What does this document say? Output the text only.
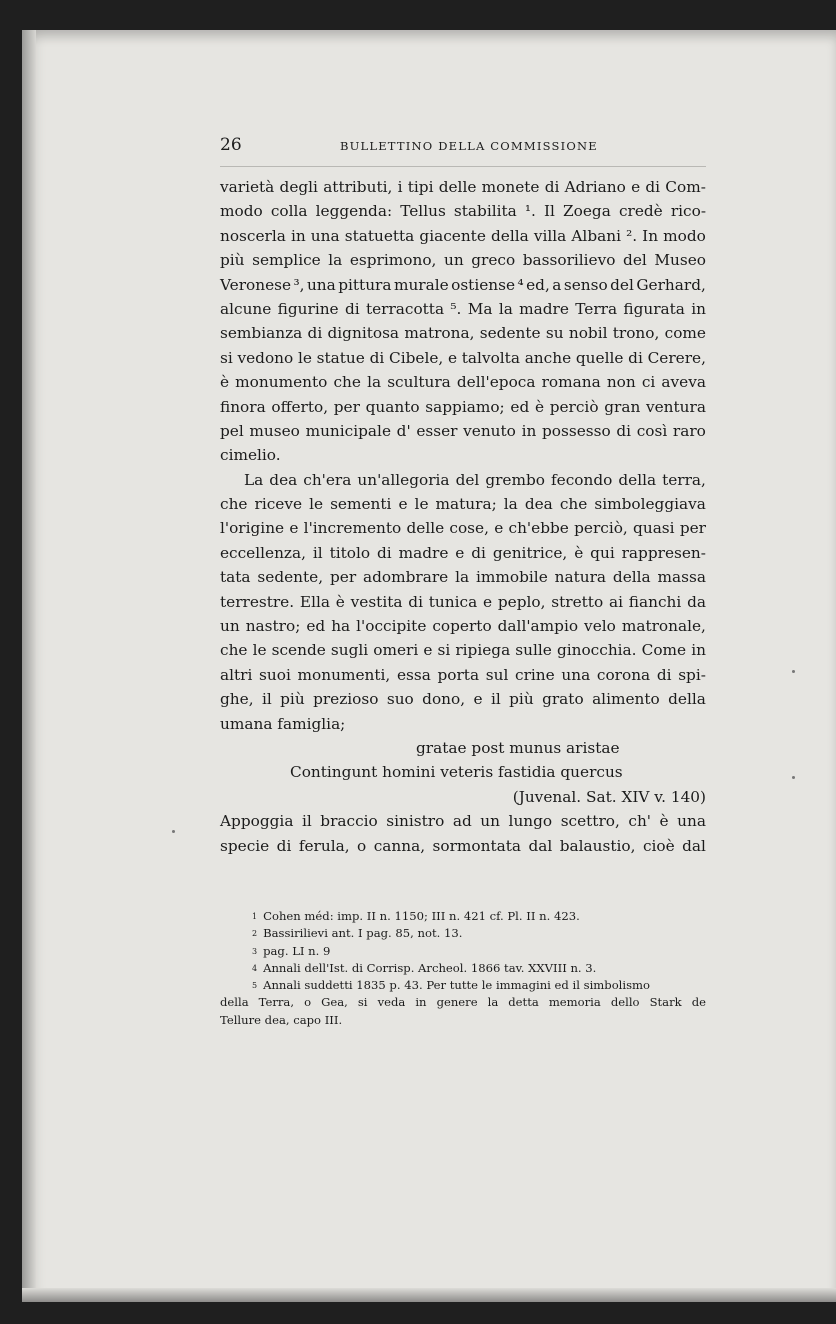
26	BULLETTINO DELLA COMMISSIONE
varietà degli attributi, i tipi delle monete di Adriano e di Com-
modo colla leggenda: Tellus stabilita ¹. Il Zoega credè rico-
noscerla in una statuetta giacente della villa Albani ². In modo
più semplice la esprimono, un greco bassorilievo del Museo
Veronese ³, una pittura murale ostiense ⁴ ed, a senso del Gerhard,
alcune figurine di terracotta ⁵. Ma la madre Terra figurata in
sembianza di dignitosa matrona, sedente su nobil trono, come
si vedono le statue di Cibele, e talvolta anche quelle di Cerere,
è monumento che la scultura dell'epoca romana non ci aveva
finora offerto, per quanto sappiamo; ed è perciò gran ventura
pel museo municipale d' esser venuto in possesso di così raro
cimelio.
La dea ch'era un'allegoria del grembo fecondo della terra,
che riceve le sementi e le matura; la dea che simboleggiava
l'origine e l'incremento delle cose, e ch'ebbe perciò, quasi per
eccellenza, il titolo di madre e di genitrice, è qui rappresen-
tata sedente, per adombrare la immobile natura della massa
terrestre. Ella è vestita di tunica e peplo, stretto ai fianchi da
un nastro; ed ha l'occipite coperto dall'ampio velo matronale,
che le scende sugli omeri e si ripiega sulle ginocchia. Come in
altri suoi monumenti, essa porta sul crine una corona di spi-
ghe, il più prezioso suo dono, e il più grato alimento della
umana famiglia;
gratae post munus aristae
Contingunt homini veteris fastidia quercus
(Juvenal. Sat. XIV v. 140)
Appoggia il braccio sinistro ad un lungo scettro, ch' è una
specie di ferula, o canna, sormontata dal balaustio, cioè dal
$^1$ Cohen méd: imp. II n. 1150; III n. 421 cf. Pl. II n. 423.
$^2$ Bassirilievi ant. I pag. 85, not. 13.
$^3$ pag. LI n. 9
$^4$ Annali dell'Ist. di Corrisp. Archeol. 1866 tav. XXVIII n. 3.
$^5$ Annali suddetti 1835 p. 43. Per tutte le immagini ed il simbolismo
della Terra, o Gea, si veda in genere la detta memoria dello Stark de
Tellure dea, capo III.
